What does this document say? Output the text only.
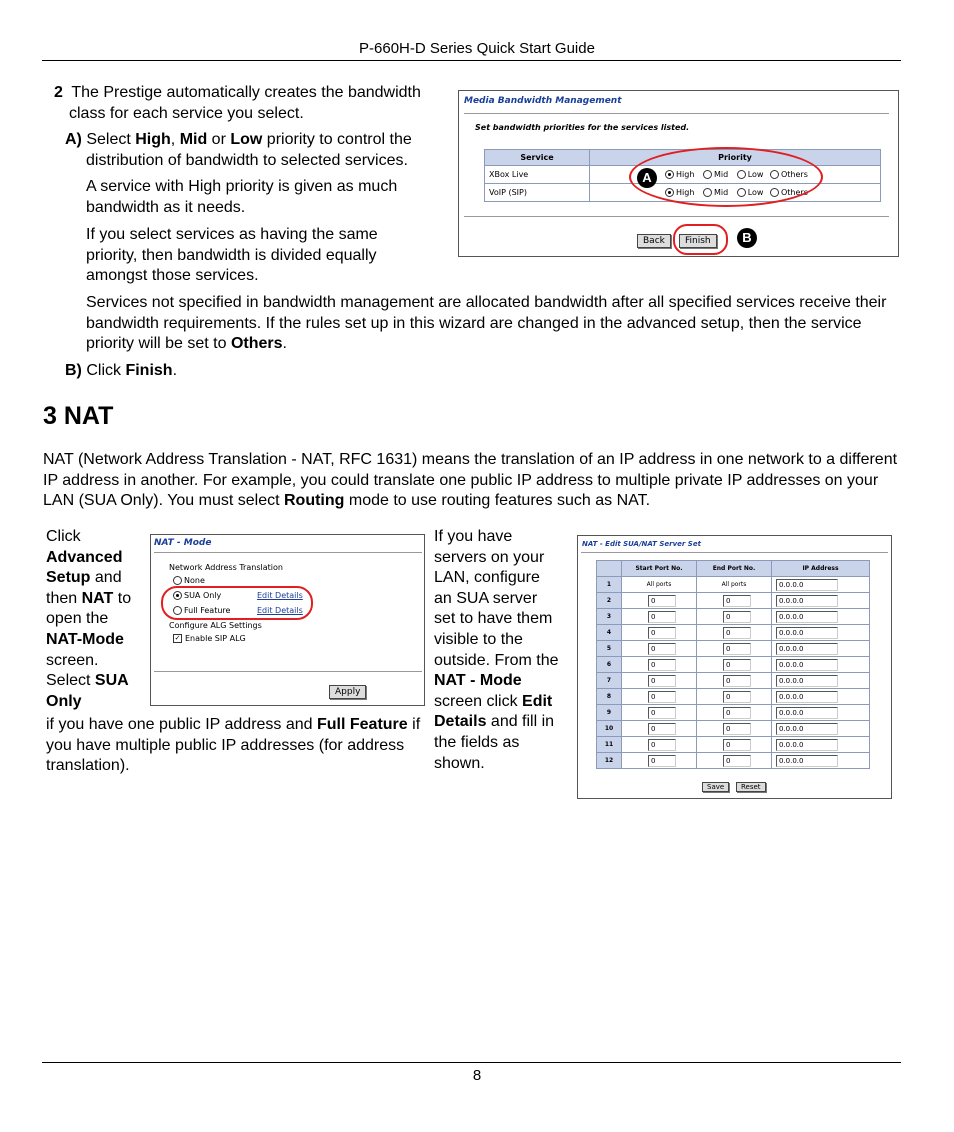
P-660H-D Series Quick Start Guide
2 The Prestige automatically creates the bandwidth class for each service you select.
A) Select High, Mid or Low priority to control the distribution of bandwidth to selected services.
A service with High priority is given as much bandwidth as it needs.
If you select services as having the same priority, then bandwidth is divided equally amongst those services.
Services not specified in bandwidth management are allocated bandwidth after all specified services receive their bandwidth requirements. If the rules set up in this wizard are changed in the advanced setup, then the service priority will be set to Others.
B) Click Finish.
Media Bandwidth Management
Set bandwidth priorities for the services listed.
Service	Priority
XBox Live	High Mid Low Others
VoIP (SIP)	High Mid Low Others
A
Back	Finish	B
3 NAT
NAT (Network Address Translation - NAT, RFC 1631) means the translation of an IP address in one network to a different IP address in another. For example, you could translate one public IP address to multiple private IP addresses on your LAN (SUA Only). You must select Routing mode to use routing features such as NAT.
Click Advanced Setup and then NAT to open the NAT-Mode screen. Select SUA Only
if you have one public IP address and Full Feature if you have multiple public IP addresses (for address translation).
NAT - Mode
Network Address Translation
None
SUA Only	Edit Details
Full Feature	Edit Details
Configure ALG Settings
✓ Enable SIP ALG
Apply
If you have servers on your LAN, configure an SUA server set to have them visible to the outside. From the NAT - Mode screen click Edit Details and fill in the fields as shown.
NAT - Edit SUA/NAT Server Set
	Start Port No.	End Port No.	IP Address
1	All ports	All ports	0.0.0.0
2	0	0	0.0.0.0
3	0	0	0.0.0.0
4	0	0	0.0.0.0
5	0	0	0.0.0.0
6	0	0	0.0.0.0
7	0	0	0.0.0.0
8	0	0	0.0.0.0
9	0	0	0.0.0.0
10	0	0	0.0.0.0
11	0	0	0.0.0.0
12	0	0	0.0.0.0
Save	Reset
8
